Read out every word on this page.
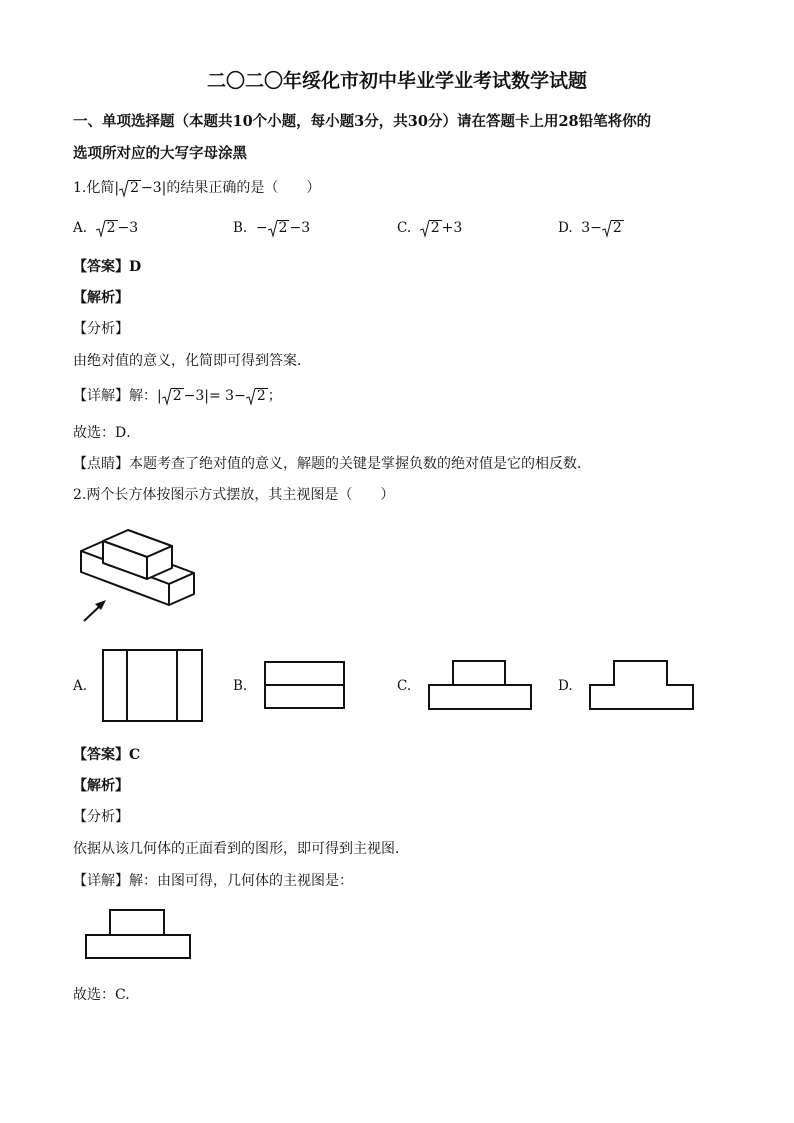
二〇二〇年绥化市初中毕业学业考试数学试题
一、单项选择题（本题共10个小题，每小题3分，共30分）请在答题卡上用28铅笔将你的
选项所对应的大写字母涂黑
1.化简| 2 −3|的结果正确的是（　　）
A. 2 −3	B. − 2 −3	C. 2 +3	D. 3− 2
【答案】D
【解析】
【分析】
由绝对值的意义，化简即可得到答案．
【详解】解：| 2 −3|= 3− 2 ；
故选：D．
【点睛】本题考查了绝对值的意义，解题的关键是掌握负数的绝对值是它的相反数．
2.两个长方体按图示方式摆放，其主视图是（　　）
A.	B.	C.	D.
【答案】C
【解析】
【分析】
依据从该几何体的正面看到的图形，即可得到主视图．
【详解】解：由图可得，几何体的主视图是：
故选：C.
